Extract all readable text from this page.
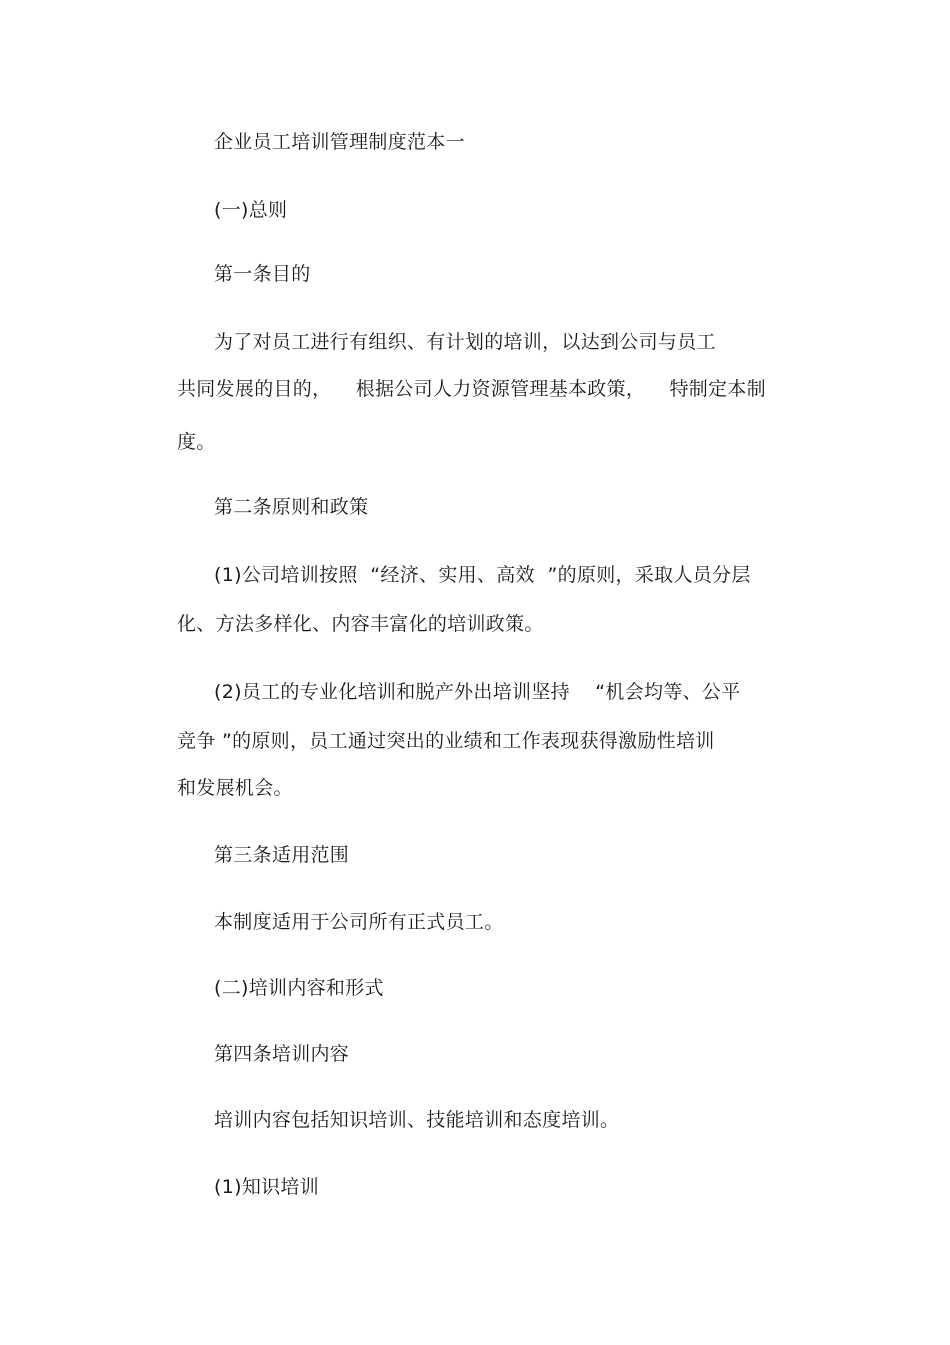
企业员工培训管理制度范本一
(一)总则
第一条目的
为了对员工进行有组织、有计划的培训，以达到公司与员工
共同发展的目的， 根据公司人力资源管理基本政策， 特制定本制
度。
第二条原则和政策
(1)公司培训按照  “经济、实用、高效  ”的原则，采取人员分层
化、方法多样化、内容丰富化的培训政策。
(2)员工的专业化培训和脱产外出培训坚持    “机会均等、公平
竞争 ”的原则，员工通过突出的业绩和工作表现获得激励性培训
和发展机会。
第三条适用范围
本制度适用于公司所有正式员工。
(二)培训内容和形式
第四条培训内容
培训内容包括知识培训、技能培训和态度培训。
(1)知识培训
